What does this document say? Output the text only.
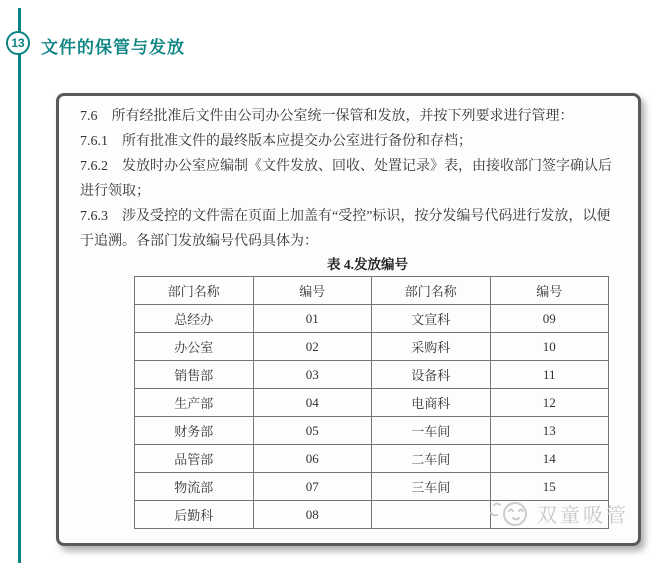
13 文件的保管与发放

7.6　所有经批准后文件由公司办公室统一保管和发放，并按下列要求进行管理：

7.6.1　所有批准文件的最终版本应提交办公室进行备份和存档；

7.6.2　发放时办公室应编制《文件发放、回收、处置记录》表，由接收部门签字确认后进行领取；

7.6.3　涉及受控的文件需在页面上加盖有“受控”标识，按分发编号代码进行发放，以便于追溯。各部门发放编号代码具体为：

表 4.发放编号
部门名称	编号	部门名称	编号
总经办	01	文宣科	09
办公室	02	采购科	10
销售部	03	设备科	11
生产部	04	电商科	12
财务部	05	一车间	13
品管部	06	二车间	14
物流部	07	三车间	15
后勤科	08			双童吸管
